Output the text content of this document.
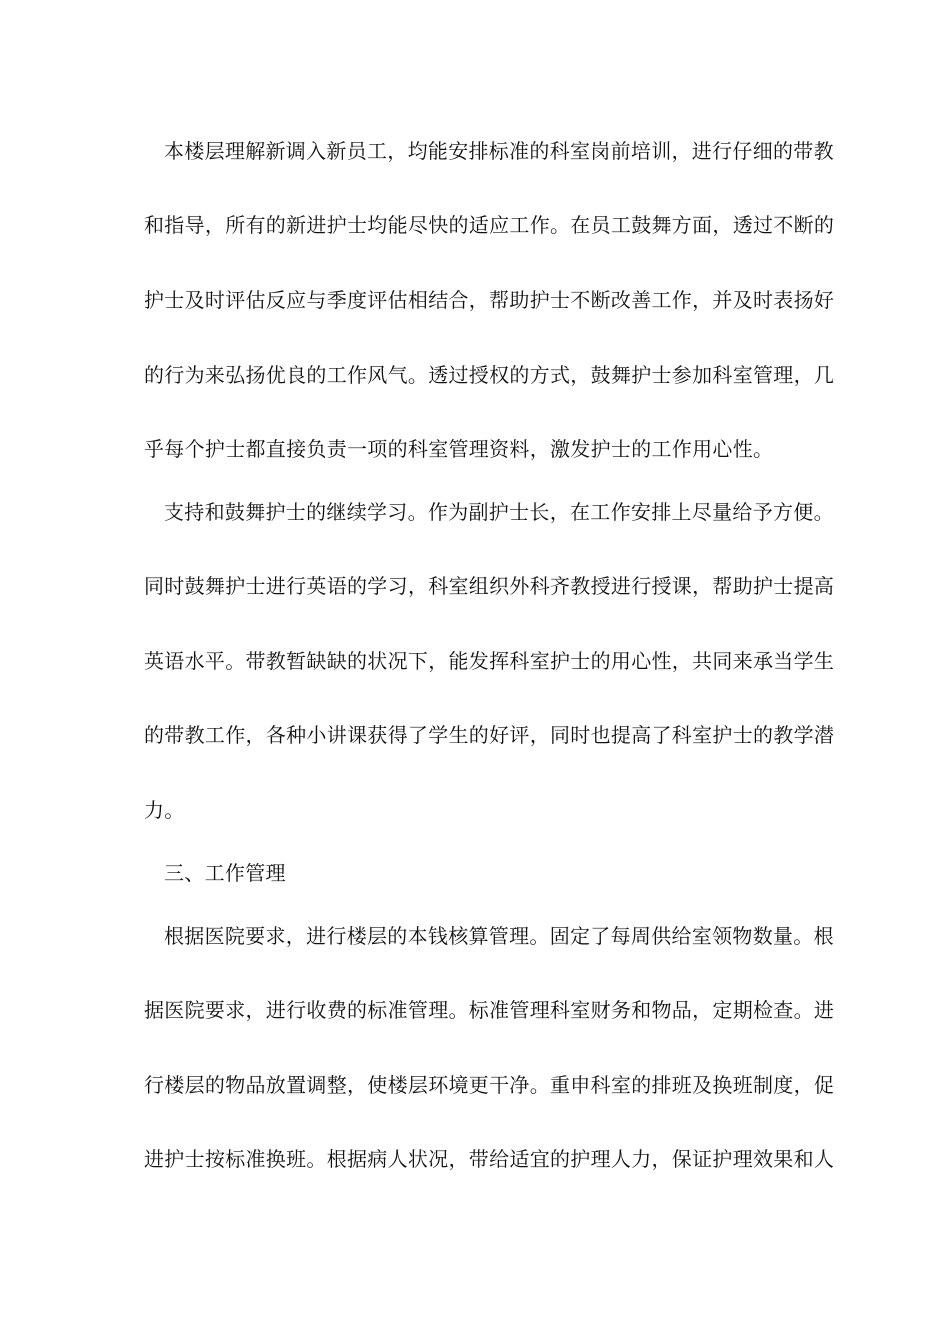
本楼层理解新调入新员工，均能安排标准的科室岗前培训，进行仔细的带教
和指导，所有的新进护士均能尽快的适应工作。在员工鼓舞方面，透过不断的
护士及时评估反应与季度评估相结合，帮助护士不断改善工作，并及时表扬好
的行为来弘扬优良的工作风气。透过授权的方式，鼓舞护士参加科室管理，几
乎每个护士都直接负责一项的科室管理资料，激发护士的工作用心性。
支持和鼓舞护士的继续学习。作为副护士长，在工作安排上尽量给予方便。
同时鼓舞护士进行英语的学习，科室组织外科齐教授进行授课，帮助护士提高
英语水平。带教暂缺缺的状况下，能发挥科室护士的用心性，共同来承当学生
的带教工作，各种小讲课获得了学生的好评，同时也提高了科室护士的教学潜
力。
三、工作管理
根据医院要求，进行楼层的本钱核算管理。固定了每周供给室领物数量。根
据医院要求，进行收费的标准管理。标准管理科室财务和物品，定期检查。进
行楼层的物品放置调整，使楼层环境更干净。重申科室的排班及换班制度，促
进护士按标准换班。根据病人状况，带给适宜的护理人力，保证护理效果和人
